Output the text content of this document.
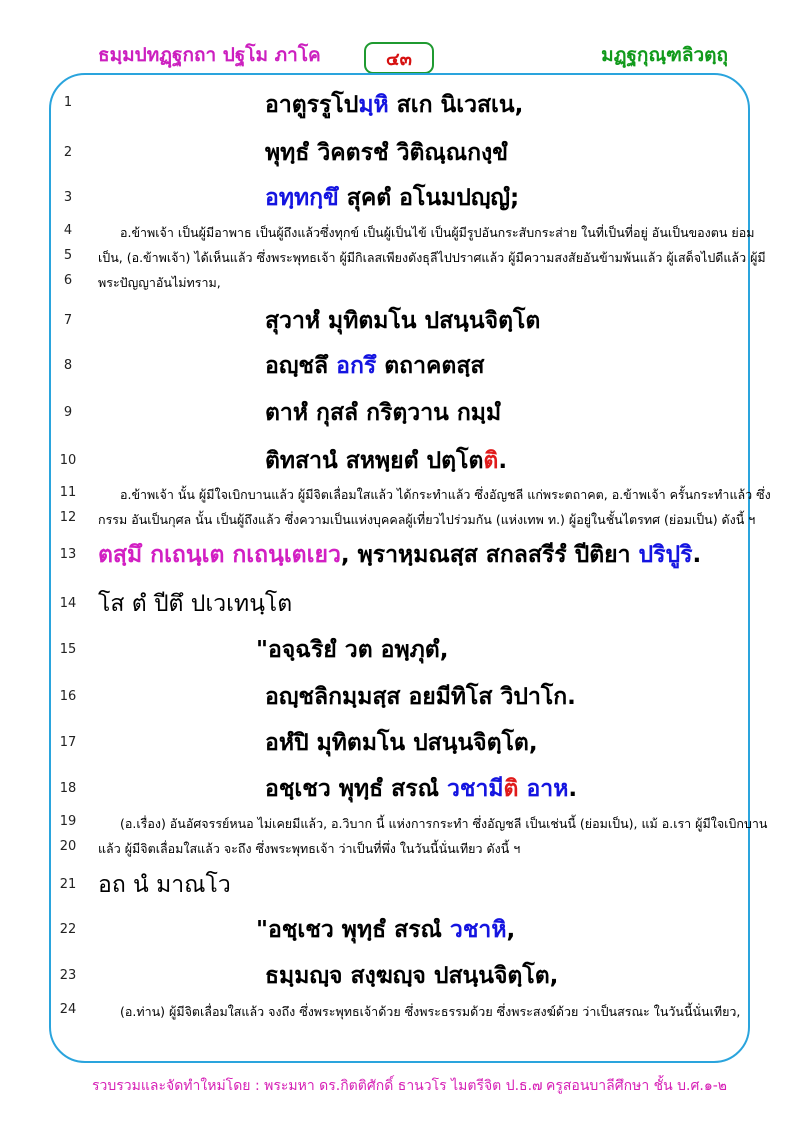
ธมฺมปทฏฺฐกถา ปฐโม ภาโค	๔๓	มฏฺฐกุณฺฑลิวตฺถุ
1
2
3
4
5
6
7
8
9
10
11
12
13
14
15
16
17
18
19
20
21
22
23
24
อาตูรรูโปมฺหิ สเก นิเวสเน,
พุทฺธํ วิคตรชํ วิติณฺณกงฺขํ
อทฺทกฺขึ สุคตํ อโนมปญฺญํ;
อ.ข้าพเจ้า เป็นผู้มีอาพาธ เป็นผู้ถึงแล้วซึ่งทุกข์ เป็นผู้เป็นไข้ เป็นผู้มีรูปอันกระสับกระส่าย ในที่เป็นที่อยู่ อันเป็นของตน ย่อม
เป็น, (อ.ข้าพเจ้า) ได้เห็นแล้ว ซึ่งพระพุทธเจ้า ผู้มีกิเลสเพียงดังธุลีไปปราศแล้ว ผู้มีความสงสัยอันข้ามพ้นแล้ว ผู้เสด็จไปดีแล้ว ผู้มี
พระปัญญาอันไม่ทราม,
สุวาหํ มุทิตมโน ปสนฺนจิตฺโต
อญฺชลึ อกรึ ตถาคตสฺส
ตาหํ กุสลํ กริตฺวาน กมฺมํ
ติทสานํ สหพฺยตํ ปตฺโตติ.
อ.ข้าพเจ้า นั้น ผู้มีใจเบิกบานแล้ว ผู้มีจิตเลื่อมใสแล้ว ได้กระทำแล้ว ซึ่งอัญชลี แก่พระตถาคต, อ.ข้าพเจ้า ครั้นกระทำแล้ว ซึ่ง
กรรม อันเป็นกุศล นั้น เป็นผู้ถึงแล้ว ซึ่งความเป็นแห่งบุคคลผู้เที่ยวไปร่วมกัน (แห่งเทพ ท.) ผู้อยู่ในชั้นไตรทศ (ย่อมเป็น) ดังนี้ ฯ
ตสฺมึ กเถนฺเต กเถนฺเตเยว, พฺราหฺมณสฺส สกลสรีรํ ปีติยา ปริปูริ.
โส ตํ ปีตึ ปเวเทนฺโต
"อจฺฉริยํ วต อพฺภุตํ,
อญฺชลิกมฺมสฺส อยมีทิโส วิปาโก.
อหํปิ มุทิตมโน ปสนฺนจิตฺโต,
อชฺเชว พุทฺธํ สรณํ วชามีติ อาห.
(อ.เรื่อง) อันอัศจรรย์หนอ ไม่เคยมีแล้ว, อ.วิบาก นี้ แห่งการกระทำ ซึ่งอัญชลี เป็นเช่นนี้ (ย่อมเป็น), แม้ อ.เรา ผู้มีใจเบิกบาน
แล้ว ผู้มีจิตเลื่อมใสแล้ว จะถึง ซึ่งพระพุทธเจ้า ว่าเป็นที่พึ่ง ในวันนี้นั่นเทียว ดังนี้ ฯ
อถ นํ มาณโว
"อชฺเชว พุทฺธํ สรณํ วชาหิ,
ธมฺมญฺจ สงฺฆญฺจ ปสนฺนจิตฺโต,
(อ.ท่าน) ผู้มีจิตเลื่อมใสแล้ว จงถึง ซึ่งพระพุทธเจ้าด้วย ซึ่งพระธรรมด้วย ซึ่งพระสงฆ์ด้วย ว่าเป็นสรณะ ในวันนี้นั่นเทียว,
รวบรวมและจัดทำใหม่โดย : พระมหา ดร.กิตติศักดิ์ ธานวโร ไมตรีจิต ป.ธ.๗ ครูสอนบาลีศึกษา ชั้น บ.ศ.๑-๒
